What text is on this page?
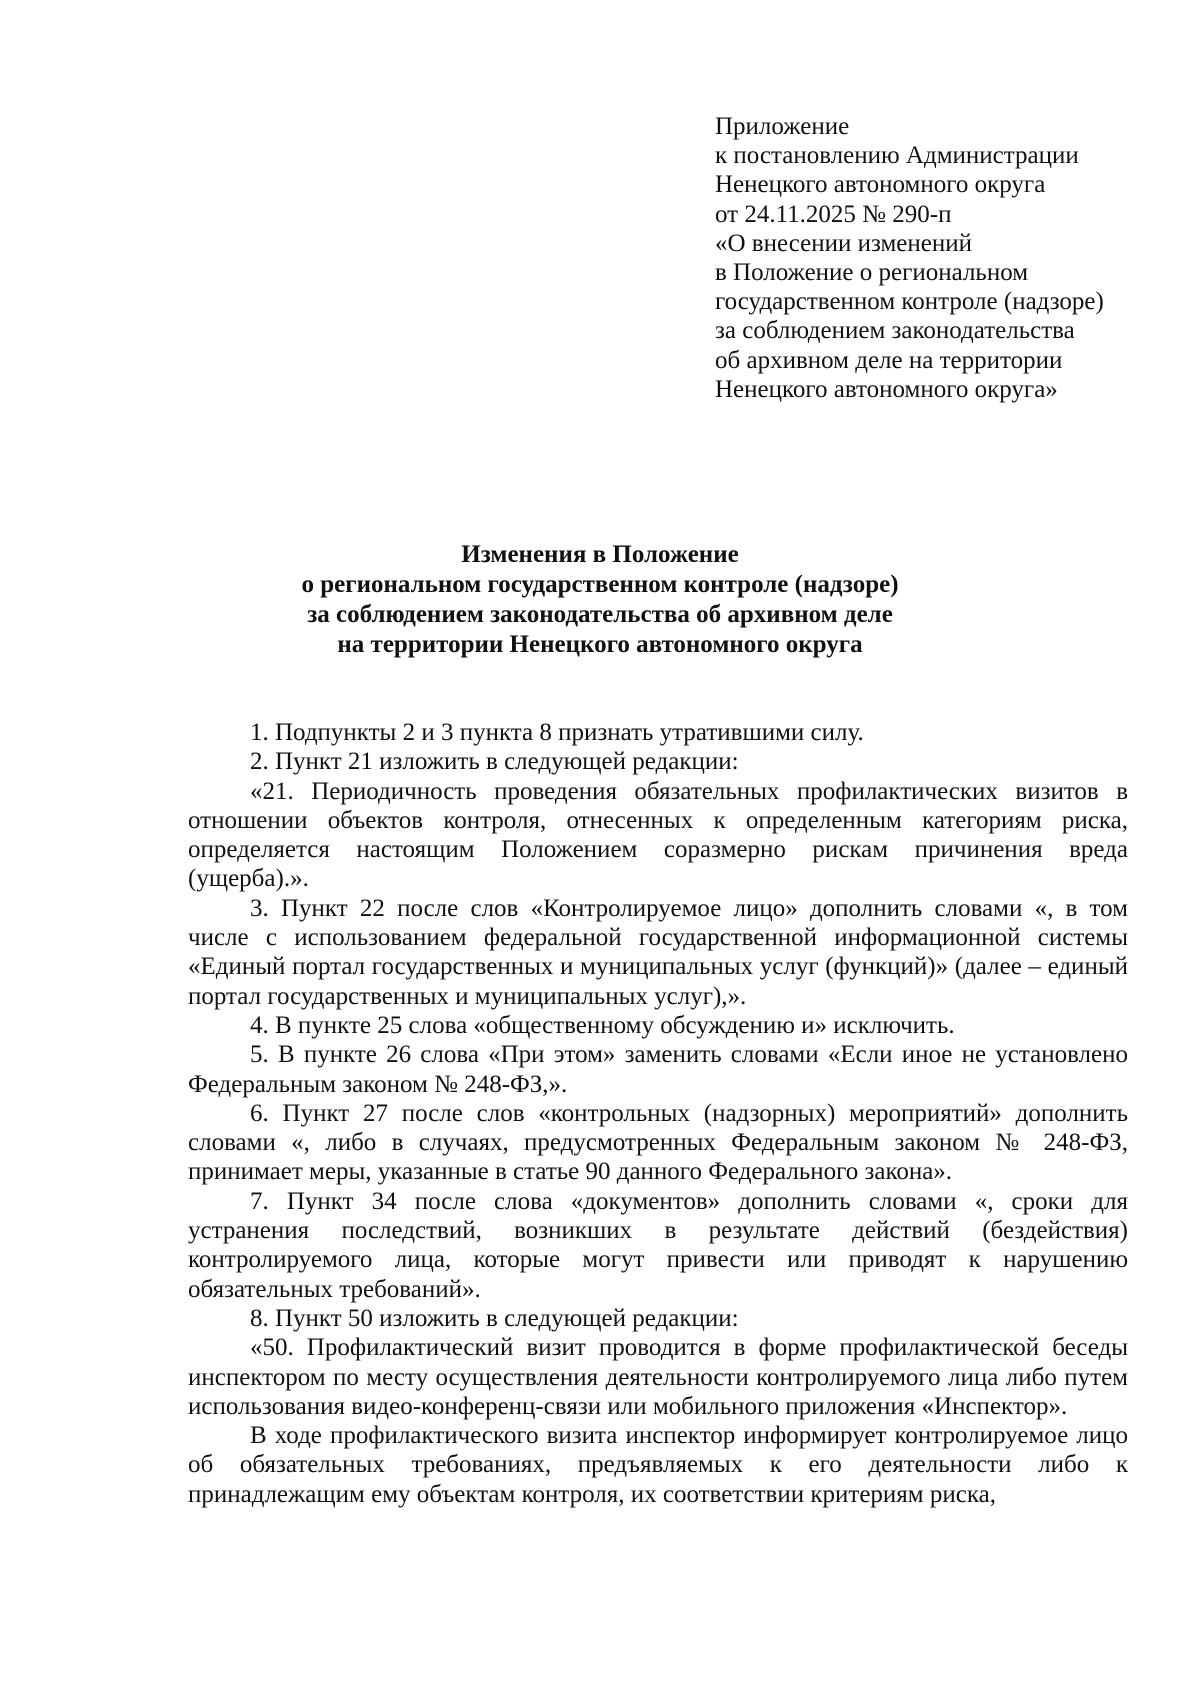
Приложение
к постановлению Администрации
Ненецкого автономного округа
от 24.11.2025 № 290-п
«О внесении изменений
в Положение о региональном
государственном контроле (надзоре)
за соблюдением законодательства
об архивном деле на территории
Ненецкого автономного округа»
Изменения в Положение
о региональном государственном контроле (надзоре)
за соблюдением законодательства об архивном деле
на территории Ненецкого автономного округа

1. Подпункты 2 и 3 пункта 8 признать утратившими силу.

2. Пункт 21 изложить в следующей редакции:

«21. Периодичность проведения обязательных профилактических визитов в отношении объектов контроля, отнесенных к определенным категориям риска, определяется настоящим Положением соразмерно рискам причинения вреда (ущерба).».

3. Пункт 22 после слов «Контролируемое лицо» дополнить словами «, в том числе с использованием федеральной государственной информационной системы «Единый портал государственных и муниципальных услуг (функций)» (далее – единый портал государственных и муниципальных услуг),».

4. В пункте 25 слова «общественному обсуждению и» исключить.

5. В пункте 26 слова «При этом» заменить словами «Если иное не установлено Федеральным законом № 248-ФЗ,».

6. Пункт 27 после слов «контрольных (надзорных) мероприятий» дополнить словами «, либо в случаях, предусмотренных Федеральным законом № 248-ФЗ, принимает меры, указанные в статье 90 данного Федерального закона».

7. Пункт 34 после слова «документов» дополнить словами «, сроки для устранения последствий, возникших в результате действий (бездействия) контролируемого лица, которые могут привести или приводят к нарушению обязательных требований».

8. Пункт 50 изложить в следующей редакции:

«50. Профилактический визит проводится в форме профилактической беседы инспектором по месту осуществления деятельности контролируемого лица либо путем использования видео-конференц-связи или мобильного приложения «Инспектор».

В ходе профилактического визита инспектор информирует контролируемое лицо об обязательных требованиях, предъявляемых к его деятельности либо к принадлежащим ему объектам контроля, их соответствии критериям риска,
